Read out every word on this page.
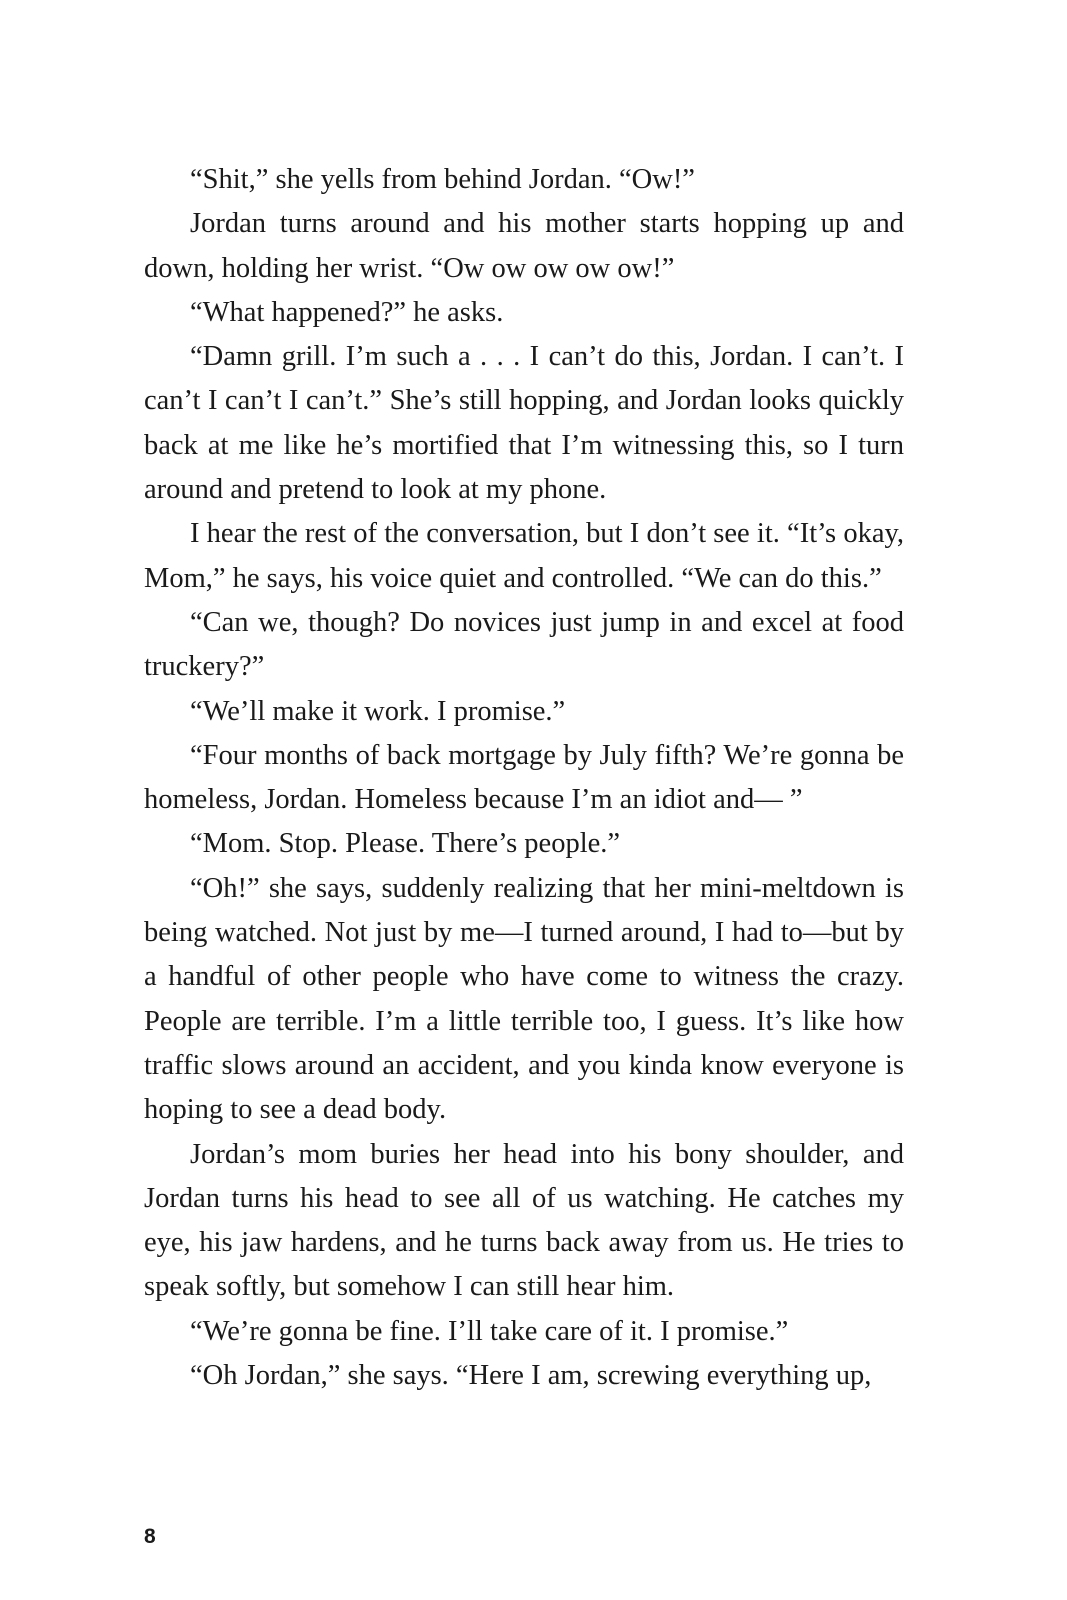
“Shit,” she yells from behind Jordan. “Ow!”

Jordan turns around and his mother starts hopping up and down, holding her wrist. “Ow ow ow ow ow!”

“What happened?” he asks.

“Damn grill. I’m such a . . . I can’t do this, Jordan. I can’t. I can’t I can’t I can’t.” She’s still hopping, and Jordan looks quickly back at me like he’s mortified that I’m witnessing this, so I turn around and pretend to look at my phone.

I hear the rest of the conversation, but I don’t see it. “It’s okay, Mom,” he says, his voice quiet and controlled. “We can do this.”

“Can we, though? Do novices just jump in and excel at food truckery?”

“We’ll make it work. I promise.”

“Four months of back mortgage by July fifth? We’re gonna be homeless, Jordan. Homeless because I’m an idiot and— ”

“Mom. Stop. Please. There’s people.”

“Oh!” she says, suddenly realizing that her mini-meltdown is being watched. Not just by me—I turned around, I had to—but by a handful of other people who have come to witness the crazy. People are terrible. I’m a little terrible too, I guess. It’s like how traffic slows around an accident, and you kinda know everyone is hoping to see a dead body.

Jordan’s mom buries her head into his bony shoulder, and Jordan turns his head to see all of us watching. He catches my eye, his jaw hardens, and he turns back away from us. He tries to speak softly, but somehow I can still hear him.

“We’re gonna be fine. I’ll take care of it. I promise.”

“Oh Jordan,” she says. “Here I am, screwing everything up,

8
